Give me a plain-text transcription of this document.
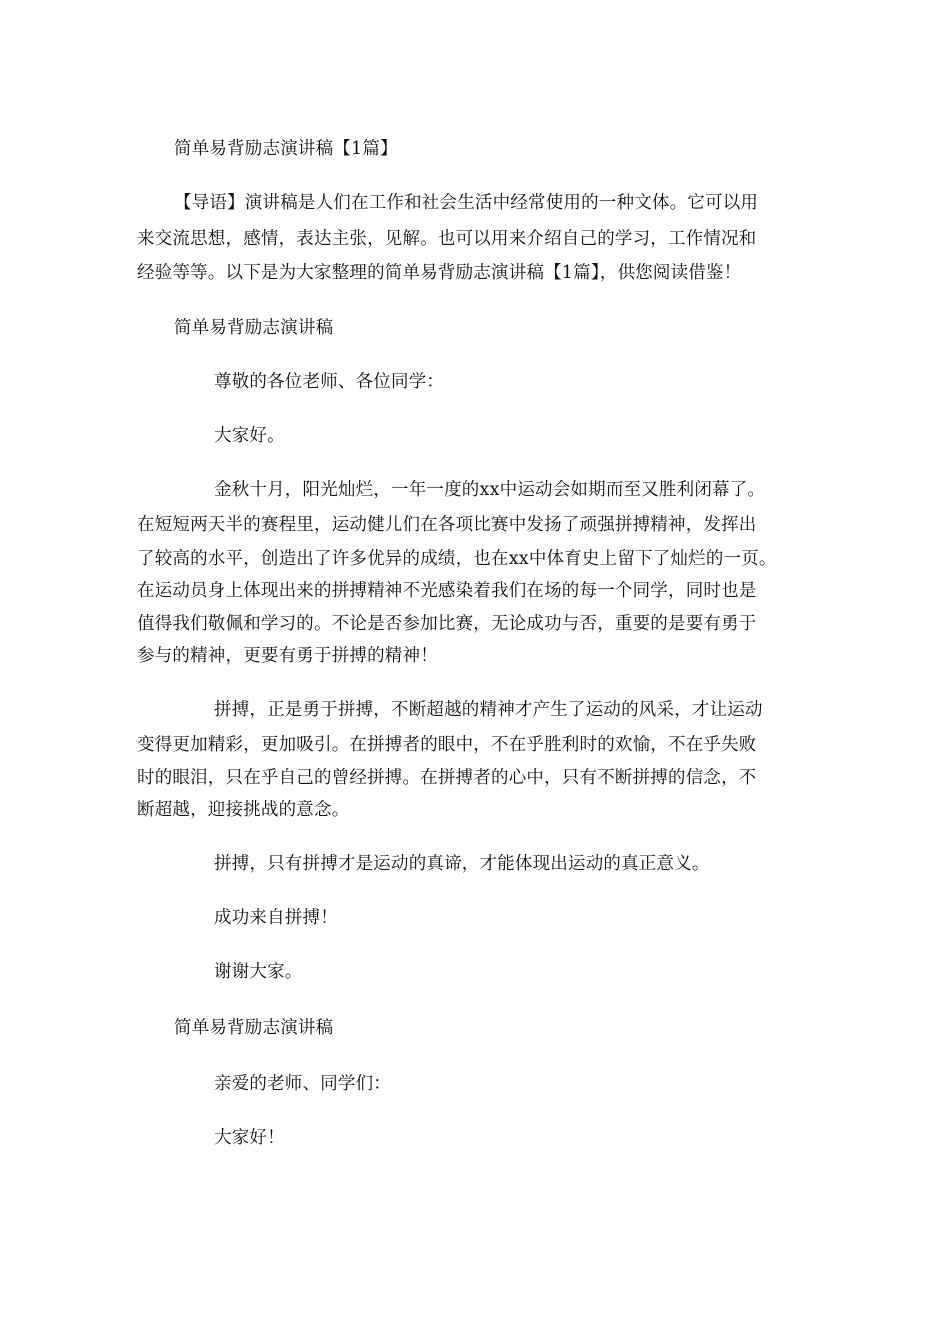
简单易背励志演讲稿【1篇】

【导语】演讲稿是人们在工作和社会生活中经常使用的一种文体。它可以用

来交流思想，感情，表达主张，见解。也可以用来介绍自己的学习，工作情况和

经验等等。以下是为大家整理的简单易背励志演讲稿【1篇】，供您阅读借鉴！

简单易背励志演讲稿

尊敬的各位老师、各位同学：

大家好。

金秋十月，阳光灿烂，一年一度的xx中运动会如期而至又胜利闭幕了。

在短短两天半的赛程里，运动健儿们在各项比赛中发扬了顽强拼搏精神，发挥出

了较高的水平，创造出了许多优异的成绩，也在xx中体育史上留下了灿烂的一页。

在运动员身上体现出来的拼搏精神不光感染着我们在场的每一个同学，同时也是

值得我们敬佩和学习的。不论是否参加比赛，无论成功与否，重要的是要有勇于

参与的精神，更要有勇于拼搏的精神！

拼搏，正是勇于拼搏，不断超越的精神才产生了运动的风采，才让运动

变得更加精彩，更加吸引。在拼搏者的眼中，不在乎胜利时的欢愉，不在乎失败

时的眼泪，只在乎自己的曾经拼搏。在拼搏者的心中，只有不断拼搏的信念，不

断超越，迎接挑战的意念。

拼搏，只有拼搏才是运动的真谛，才能体现出运动的真正意义。

成功来自拼搏！

谢谢大家。

简单易背励志演讲稿

亲爱的老师、同学们：

大家好！
